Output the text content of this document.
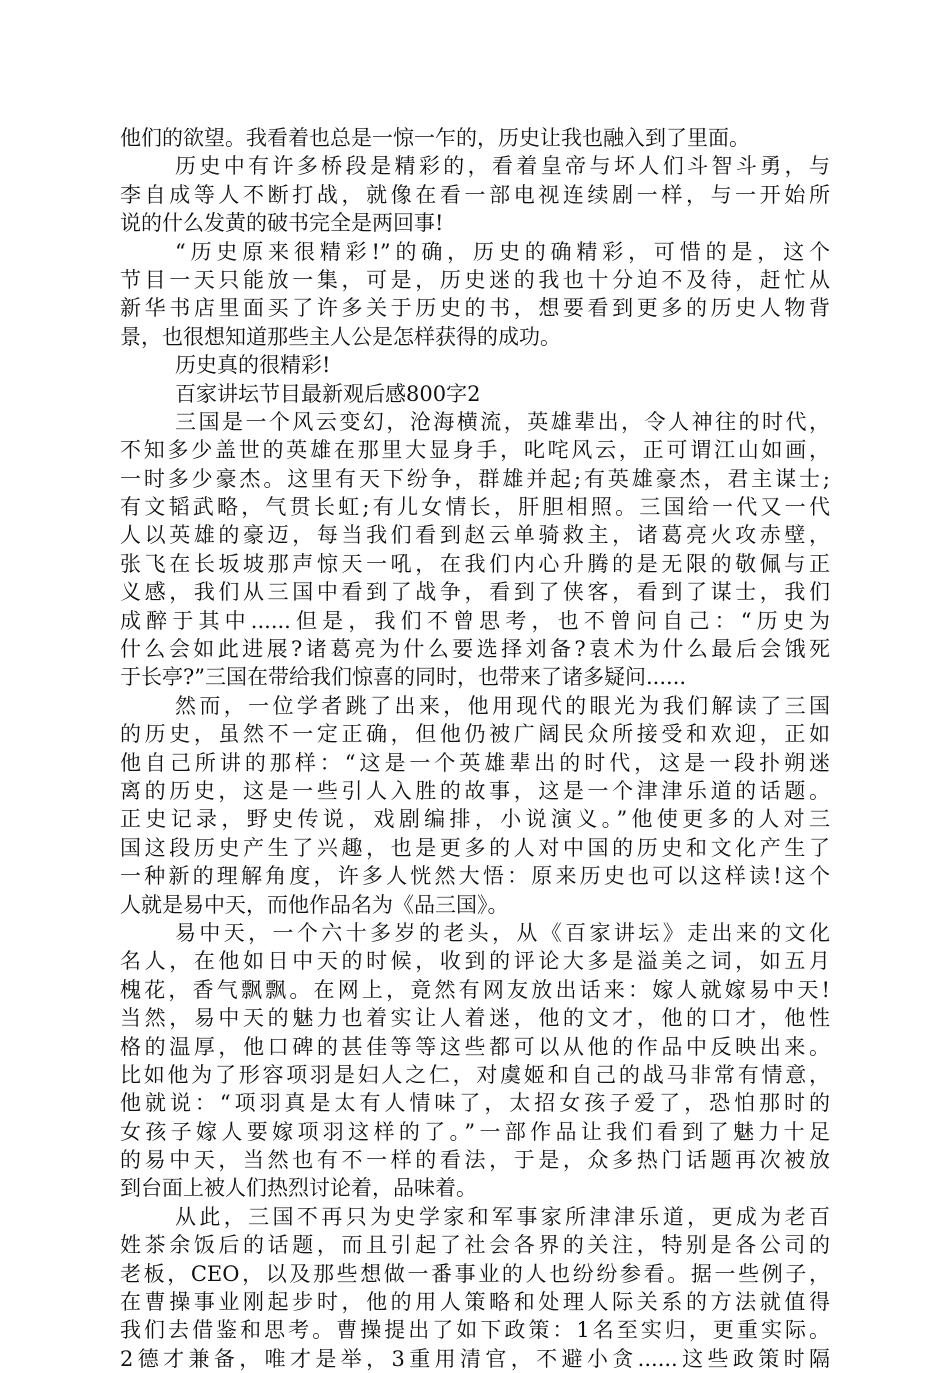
他们的欲望。我看着也总是一惊一乍的，历史让我也融入到了里面。
历史中有许多桥段是精彩的，看着皇帝与坏人们斗智斗勇，与
李自成等人不断打战，就像在看一部电视连续剧一样，与一开始所
说的什么发黄的破书完全是两回事!
“历史原来很精彩!”的确，历史的确精彩，可惜的是，这个
节目一天只能放一集，可是，历史迷的我也十分迫不及待，赶忙从
新华书店里面买了许多关于历史的书，想要看到更多的历史人物背
景，也很想知道那些主人公是怎样获得的成功。
历史真的很精彩!
百家讲坛节目最新观后感800字2
三国是一个风云变幻，沧海横流，英雄辈出，令人神往的时代，
不知多少盖世的英雄在那里大显身手，叱咤风云，正可谓江山如画，
一时多少豪杰。这里有天下纷争，群雄并起;有英雄豪杰，君主谋士;
有文韬武略，气贯长虹;有儿女情长，肝胆相照。三国给一代又一代
人以英雄的豪迈，每当我们看到赵云单骑救主，诸葛亮火攻赤壁，
张飞在长坂坡那声惊天一吼，在我们内心升腾的是无限的敬佩与正
义感，我们从三国中看到了战争，看到了侠客，看到了谋士，我们
成醉于其中......但是，我们不曾思考，也不曾问自己：“历史为
什么会如此进展?诸葛亮为什么要选择刘备?袁术为什么最后会饿死
于长亭?”三国在带给我们惊喜的同时，也带来了诸多疑问......
然而，一位学者跳了出来，他用现代的眼光为我们解读了三国
的历史，虽然不一定正确，但他仍被广阔民众所接受和欢迎，正如
他自己所讲的那样：“这是一个英雄辈出的时代，这是一段扑朔迷
离的历史，这是一些引人入胜的故事，这是一个津津乐道的话题。
正史记录，野史传说，戏剧编排，小说演义。”他使更多的人对三
国这段历史产生了兴趣，也是更多的人对中国的历史和文化产生了
一种新的理解角度，许多人恍然大悟：原来历史也可以这样读!这个
人就是易中天，而他作品名为《品三国》。
易中天，一个六十多岁的老头，从《百家讲坛》走出来的文化
名人，在他如日中天的时候，收到的评论大多是溢美之词，如五月
槐花，香气飘飘。在网上，竟然有网友放出话来：嫁人就嫁易中天!
当然，易中天的魅力也着实让人着迷，他的文才，他的口才，他性
格的温厚，他口碑的甚佳等等这些都可以从他的作品中反映出来。
比如他为了形容项羽是妇人之仁，对虞姬和自己的战马非常有情意，
他就说：“项羽真是太有人情味了，太招女孩子爱了，恐怕那时的
女孩子嫁人要嫁项羽这样的了。”一部作品让我们看到了魅力十足
的易中天，当然也有不一样的看法，于是，众多热门话题再次被放
到台面上被人们热烈讨论着，品味着。
从此，三国不再只为史学家和军事家所津津乐道，更成为老百
姓茶余饭后的话题，而且引起了社会各界的关注，特别是各公司的
老板，CEO，以及那些想做一番事业的人也纷纷参看。据一些例子，
在曹操事业刚起步时，他的用人策略和处理人际关系的方法就值得
我们去借鉴和思考。曹操提出了如下政策：1名至实归，更重实际。
2德才兼备，唯才是举，3重用清官，不避小贪......这些政策时隔
